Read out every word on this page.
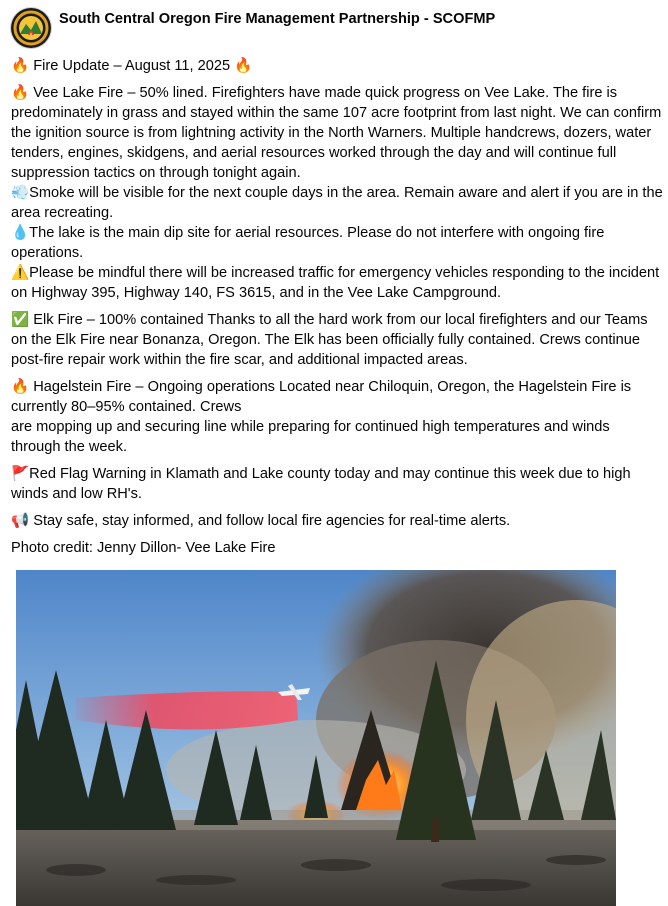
South Central Oregon Fire Management Partnership - SCOFMP

🔥 Fire Update – August 11, 2025 🔥

🔥 Vee Lake Fire – 50% lined. Firefighters have made quick progress on Vee Lake. The fire is predominately in grass and stayed within the same 107 acre footprint from last night. We can confirm the ignition source is from lightning activity in the North Warners. Multiple handcrews, dozers, water tenders, engines, skidgens, and aerial resources worked through the day and will continue full suppression tactics on through tonight again.

💨Smoke will be visible for the next couple days in the area. Remain aware and alert if you are in the area recreating.

💧The lake is the main dip site for aerial resources. Please do not interfere with ongoing fire operations.

⚠️Please be mindful there will be increased traffic for emergency vehicles responding to the incident on Highway 395, Highway 140, FS 3615, and in the Vee Lake Campground.

✅ Elk Fire – 100% contained Thanks to all the hard work from our local firefighters and our Teams on the Elk Fire near Bonanza, Oregon. The Elk has been officially fully contained. Crews continue post-fire repair work within the fire scar, and additional impacted areas.

🔥 Hagelstein Fire – Ongoing operations Located near Chiloquin, Oregon, the Hagelstein Fire is currently 80–95% contained. Crews

are mopping up and securing line while preparing for continued high temperatures and winds through the week.

🚩Red Flag Warning in Klamath and Lake county today and may continue this week due to high winds and low RH's.

📢 Stay safe, stay informed, and follow local fire agencies for real-time alerts.

Photo credit: Jenny Dillon- Vee Lake Fire
